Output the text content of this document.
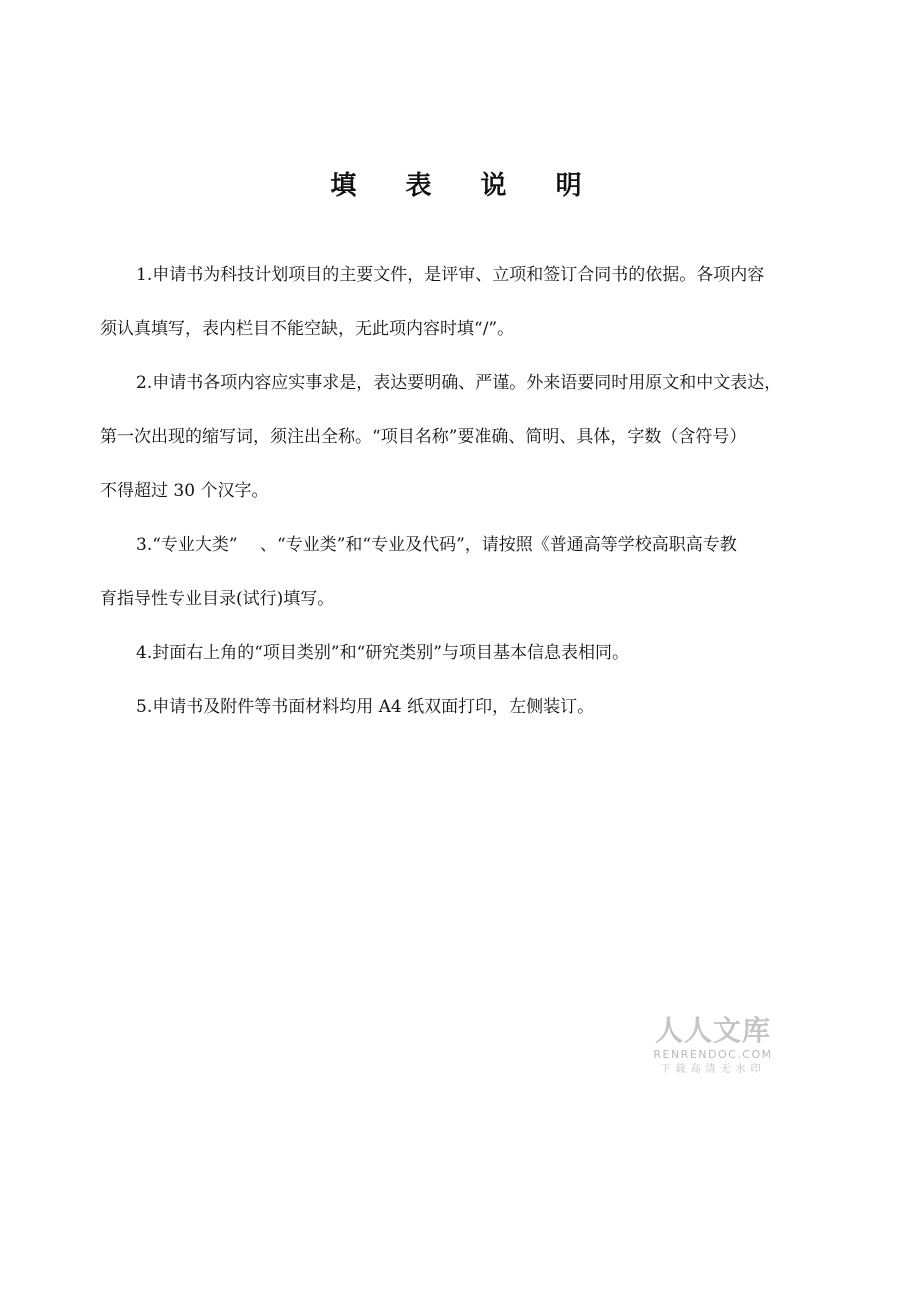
填 表 说 明
1.申请书为科技计划项目的主要文件，是评审、立项和签订合同书的依据。各项内容
须认真填写，表内栏目不能空缺，无此项内容时填“/”。
2.申请书各项内容应实事求是，表达要明确、严谨。外来语要同时用原文和中文表达，
第一次出现的缩写词，须注出全称。“项目名称”要准确、简明、具体，字数（含符号）
不得超过 30 个汉字。
3.“专业大类”　 、“专业类”和“专业及代码”，请按照《普通高等学校高职高专教
育指导性专业目录(试行)填写。
4.封面右上角的“项目类别”和“研究类别”与项目基本信息表相同。
5.申请书及附件等书面材料均用 A4 纸双面打印，左侧装订。
人人文库
RENRENDOC.COM
下载高清无水印
